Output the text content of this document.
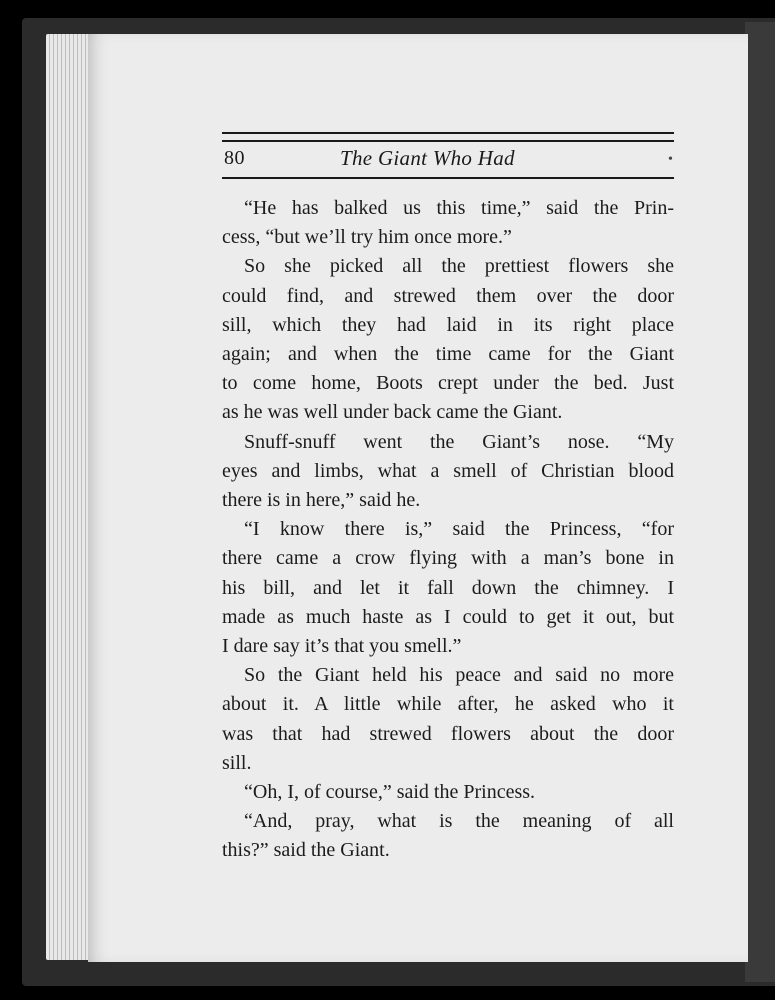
80	The Giant Who Had	•

“He has balked us this time,” said the Prin-
cess, “but we’ll try him once more.”

So she picked all the prettiest flowers she
could find, and strewed them over the door
sill, which they had laid in its right place
again; and when the time came for the Giant
to come home, Boots crept under the bed. Just
as he was well under back came the Giant.

Snuff-snuff went the Giant’s nose. “My
eyes and limbs, what a smell of Christian blood
there is in here,” said he.

“I know there is,” said the Princess, “for
there came a crow flying with a man’s bone in
his bill, and let it fall down the chimney. I
made as much haste as I could to get it out, but
I dare say it’s that you smell.”

So the Giant held his peace and said no more
about it. A little while after, he asked who it
was that had strewed flowers about the door
sill.

“Oh, I, of course,” said the Princess.

“And, pray, what is the meaning of all
this?” said the Giant.
